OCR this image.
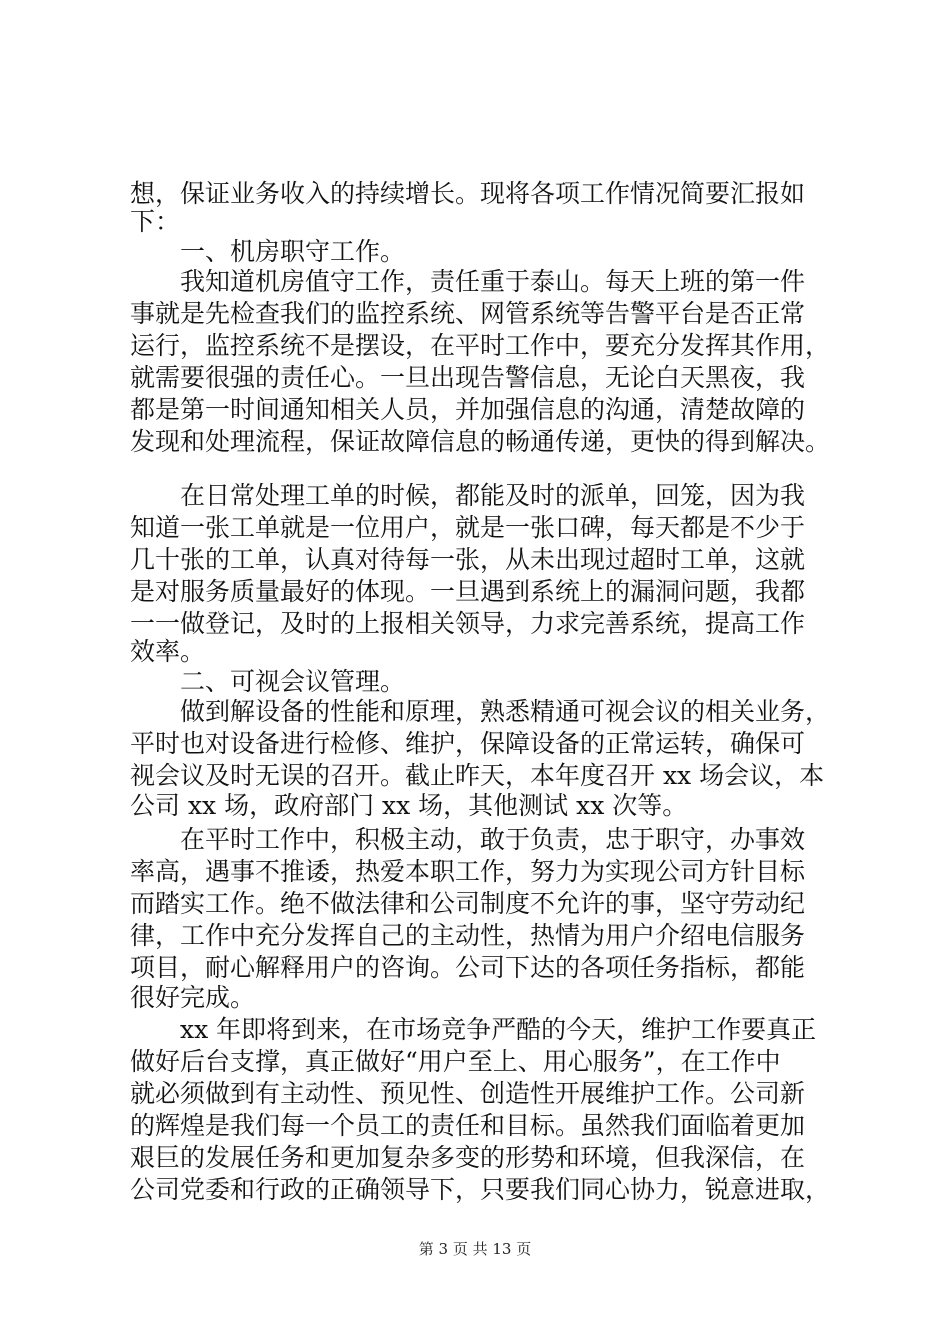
想，保证业务收入的持续增长。现将各项工作情况简要汇报如
下：
　　一、机房职守工作。
　　我知道机房值守工作，责任重于泰山。每天上班的第一件
事就是先检查我们的监控系统、网管系统等告警平台是否正常
运行，监控系统不是摆设，在平时工作中，要充分发挥其作用，
就需要很强的责任心。一旦出现告警信息，无论白天黑夜，我
都是第一时间通知相关人员，并加强信息的沟通，清楚故障的
发现和处理流程，保证故障信息的畅通传递，更快的得到解决。
　　在日常处理工单的时候，都能及时的派单，回笼，因为我
知道一张工单就是一位用户，就是一张口碑，每天都是不少于
几十张的工单，认真对待每一张，从未出现过超时工单，这就
是对服务质量最好的体现。一旦遇到系统上的漏洞问题，我都
一一做登记，及时的上报相关领导，力求完善系统，提高工作
效率。
　　二、可视会议管理。
　　做到解设备的性能和原理，熟悉精通可视会议的相关业务，
平时也对设备进行检修、维护，保障设备的正常运转，确保可
视会议及时无误的召开。截止昨天，本年度召开 xx 场会议，本
公司 xx 场，政府部门 xx 场，其他测试 xx 次等。
　　在平时工作中，积极主动，敢于负责，忠于职守，办事效
率高，遇事不推诿，热爱本职工作，努力为实现公司方针目标
而踏实工作。绝不做法律和公司制度不允许的事，坚守劳动纪
律，工作中充分发挥自己的主动性，热情为用户介绍电信服务
项目，耐心解释用户的咨询。公司下达的各项任务指标，都能
很好完成。
　　xx 年即将到来，在市场竞争严酷的今天，维护工作要真正
做好后台支撑，真正做好“用户至上、用心服务”，在工作中
就必须做到有主动性、预见性、创造性开展维护工作。公司新
的辉煌是我们每一个员工的责任和目标。虽然我们面临着更加
艰巨的发展任务和更加复杂多变的形势和环境，但我深信，在
公司党委和行政的正确领导下，只要我们同心协力，锐意进取，
第 3 页 共 13 页
